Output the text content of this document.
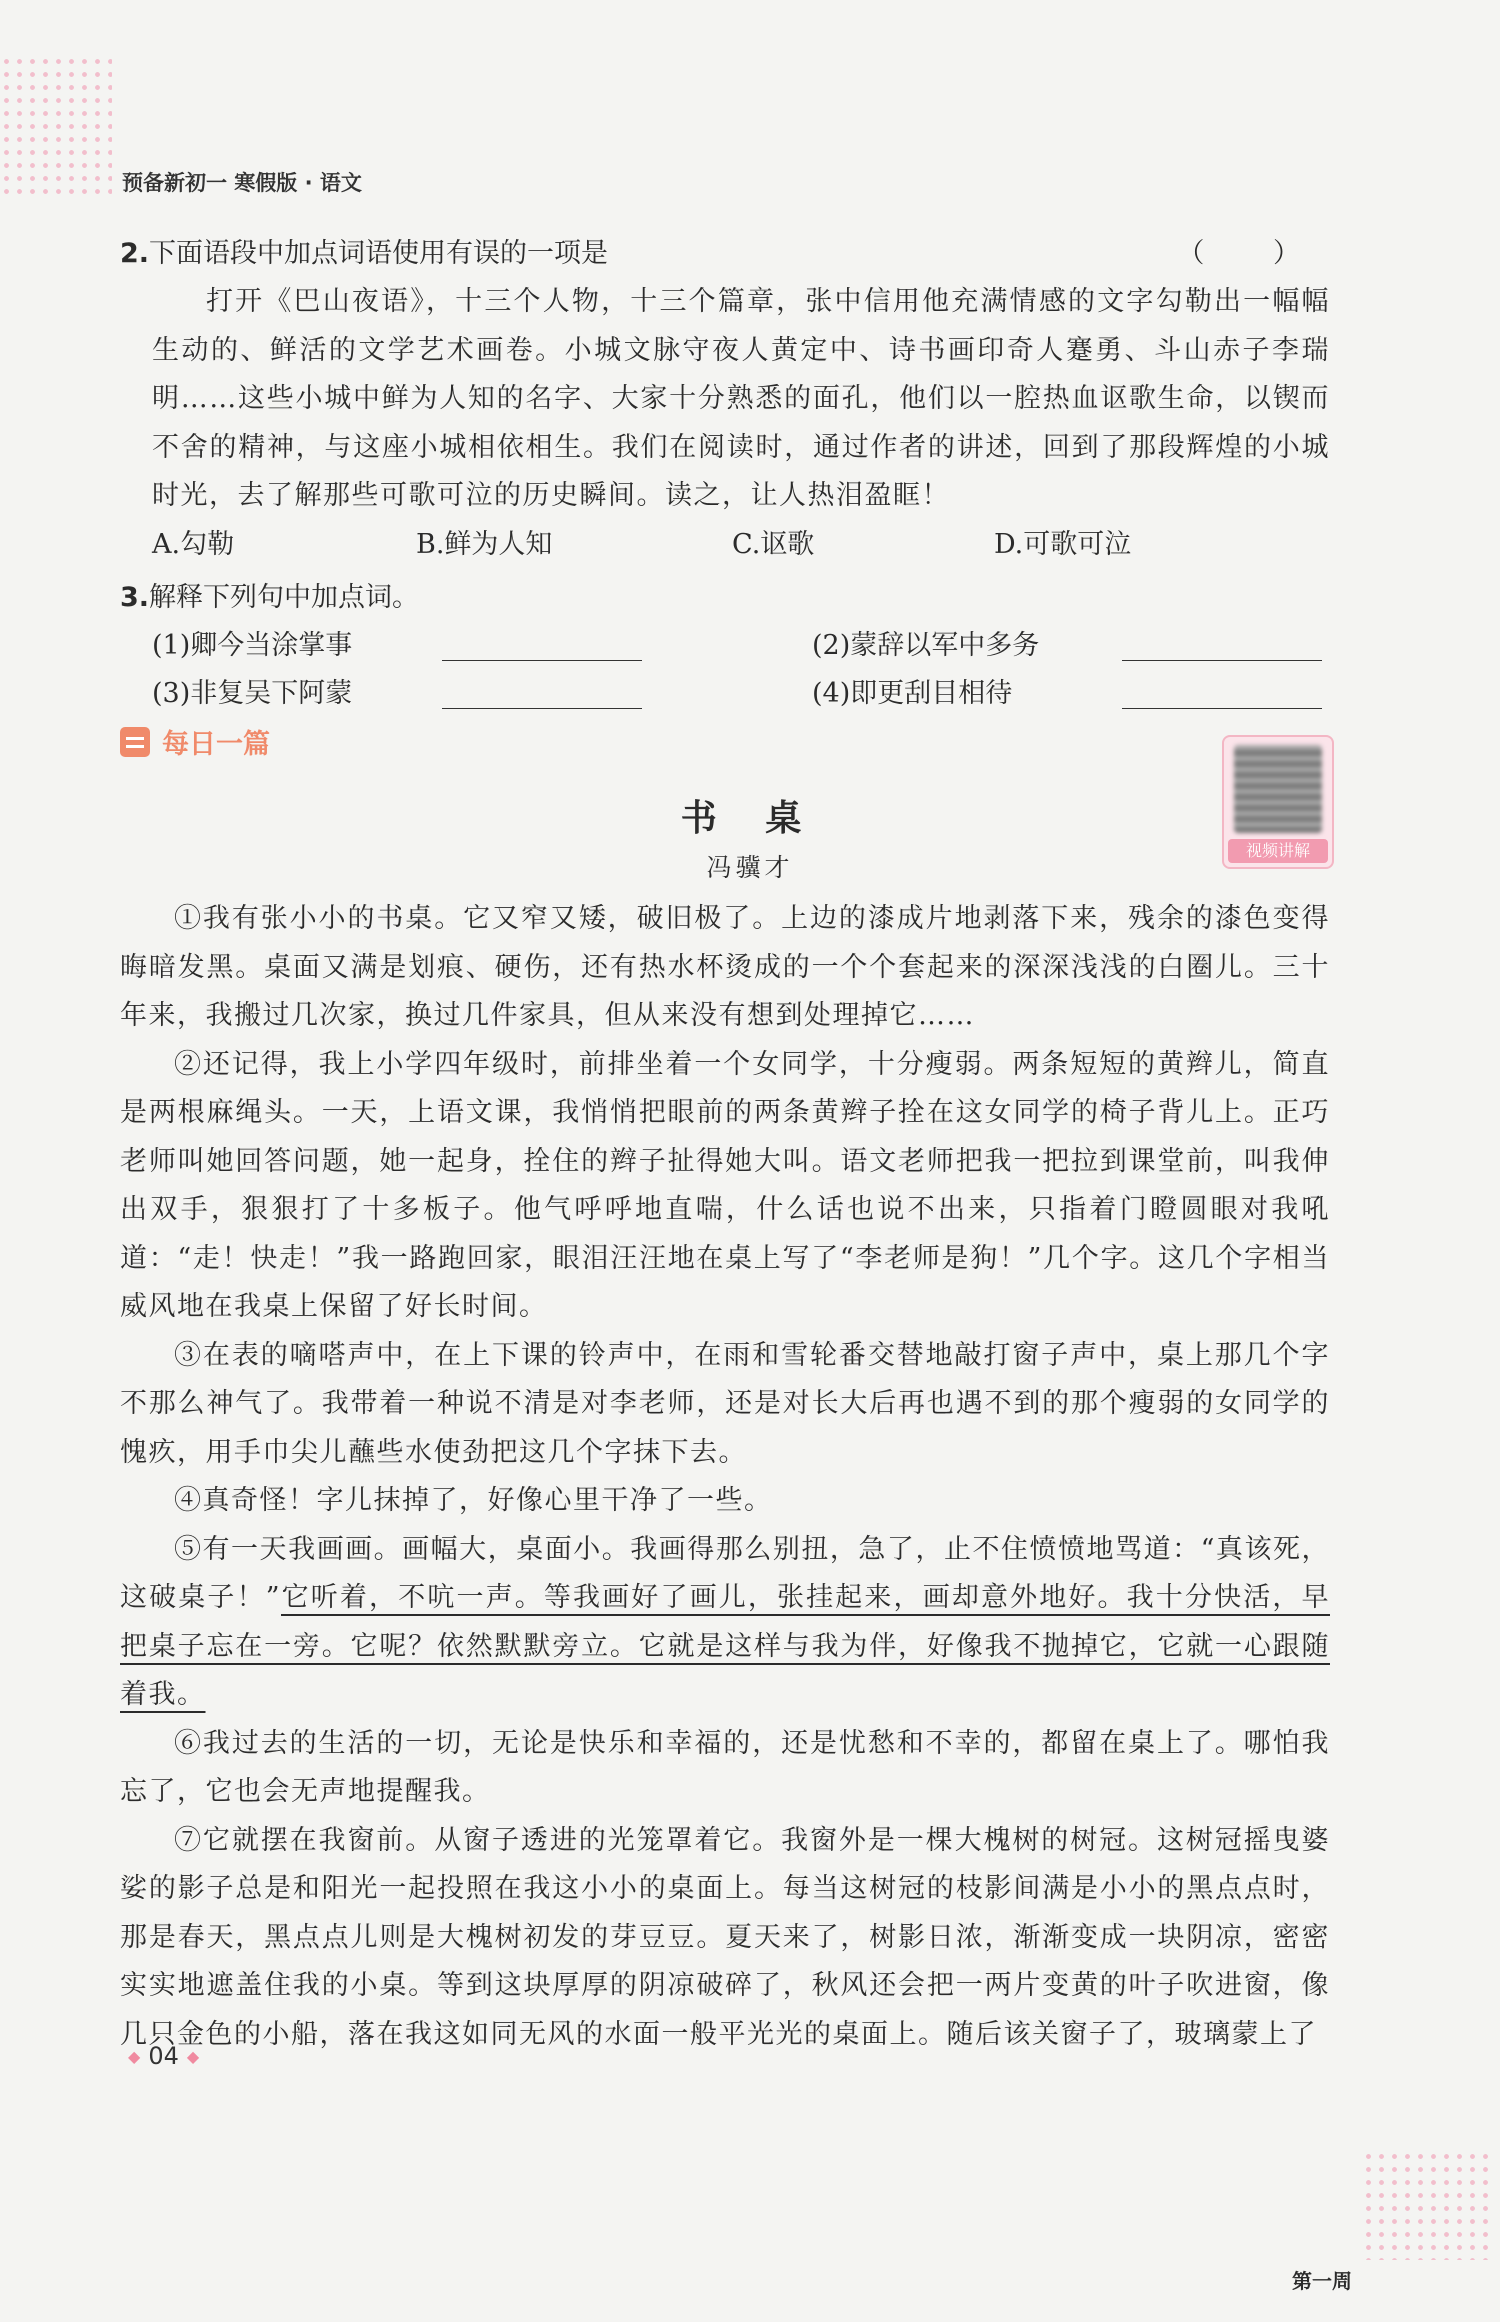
预备新初一 寒假版 · 语文
2.下面语段中加点词语使用有误的一项是	（ ）

打开《巴山夜语》，十三个人物，十三个篇章，张中信用他充满情感的文字勾勒出一幅幅生动的、鲜活的文学艺术画卷。小城文脉守夜人黄定中、诗书画印奇人蹇勇、斗山赤子李瑞明……这些小城中鲜为人知的名字、大家十分熟悉的面孔，他们以一腔热血讴歌生命，以锲而不舍的精神，与这座小城相依相生。我们在阅读时，通过作者的讲述，回到了那段辉煌的小城时光，去了解那些可歌可泣的历史瞬间。读之，让人热泪盈眶！

A.勾勒	B.鲜为人知	C.讴歌	D.可歌可泣
3.解释下列句中加点词。
(1)卿今当涂掌事	(2)蒙辞以军中多务
(3)非复吴下阿蒙	(4)即更刮目相待
每日一篇
视频讲解
书 桌
冯骥才

①我有张小小的书桌。它又窄又矮，破旧极了。上边的漆成片地剥落下来，残余的漆色变得晦暗发黑。桌面又满是划痕、硬伤，还有热水杯烫成的一个个套起来的深深浅浅的白圈儿。三十年来，我搬过几次家，换过几件家具，但从来没有想到处理掉它……

②还记得，我上小学四年级时，前排坐着一个女同学，十分瘦弱。两条短短的黄辫儿，简直是两根麻绳头。一天，上语文课，我悄悄把眼前的两条黄辫子拴在这女同学的椅子背儿上。正巧老师叫她回答问题，她一起身，拴住的辫子扯得她大叫。语文老师把我一把拉到课堂前，叫我伸出双手，狠狠打了十多板子。他气呼呼地直喘，什么话也说不出来，只指着门瞪圆眼对我吼道：“走！快走！”我一路跑回家，眼泪汪汪地在桌上写了“李老师是狗！”几个字。这几个字相当威风地在我桌上保留了好长时间。

③在表的嘀嗒声中，在上下课的铃声中，在雨和雪轮番交替地敲打窗子声中，桌上那几个字不那么神气了。我带着一种说不清是对李老师，还是对长大后再也遇不到的那个瘦弱的女同学的愧疚，用手巾尖儿蘸些水使劲把这几个字抹下去。

④真奇怪！字儿抹掉了，好像心里干净了一些。

⑤有一天我画画。画幅大，桌面小。我画得那么别扭，急了，止不住愤愤地骂道：“真该死，这破桌子！”它听着，不吭一声。等我画好了画儿，张挂起来，画却意外地好。我十分快活，早把桌子忘在一旁。它呢？依然默默旁立。它就是这样与我为伴，好像我不抛掉它，它就一心跟随着我。

⑥我过去的生活的一切，无论是快乐和幸福的，还是忧愁和不幸的，都留在桌上了。哪怕我忘了，它也会无声地提醒我。

⑦它就摆在我窗前。从窗子透进的光笼罩着它。我窗外是一棵大槐树的树冠。这树冠摇曳婆娑的影子总是和阳光一起投照在我这小小的桌面上。每当这树冠的枝影间满是小小的黑点点时，那是春天，黑点点儿则是大槐树初发的芽豆豆。夏天来了，树影日浓，渐渐变成一块阴凉，密密实实地遮盖住我的小桌。等到这块厚厚的阴凉破碎了，秋风还会把一两片变黄的叶子吹进窗，像几只金色的小船，落在我这如同无风的水面一般平光光的桌面上。随后该关窗子了，玻璃蒙上了

◆ 04 ◆
第一周
